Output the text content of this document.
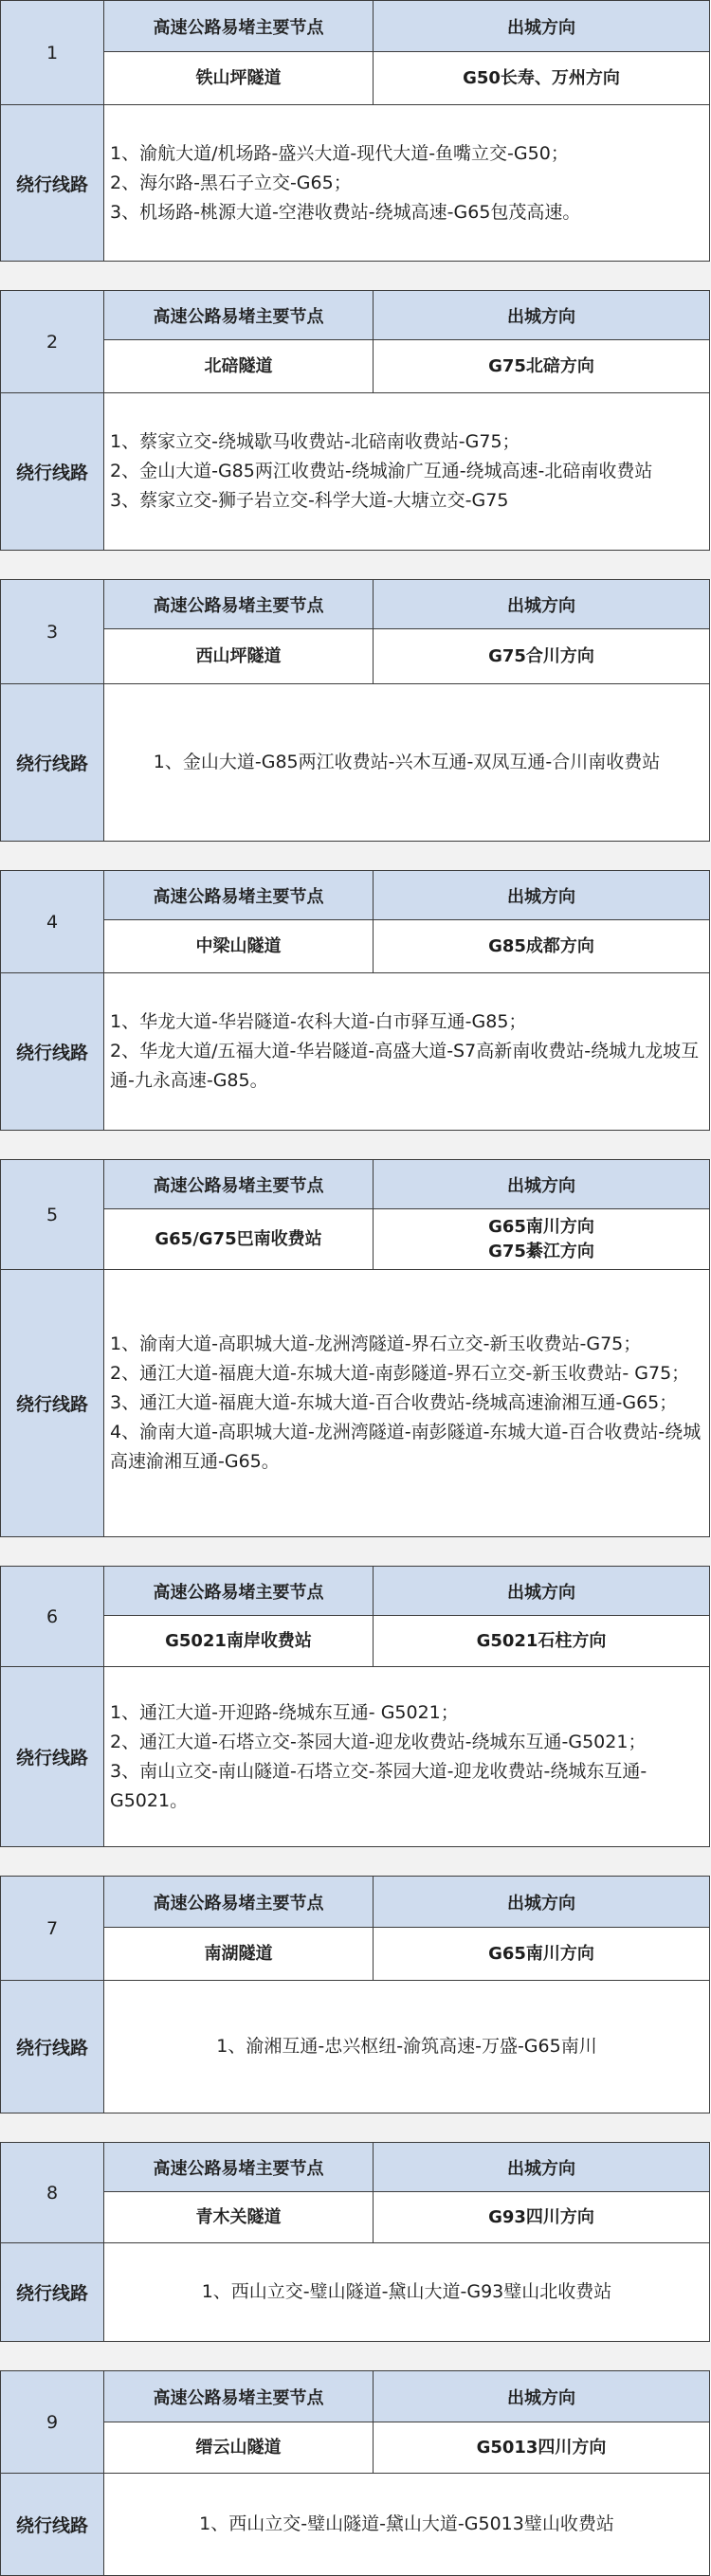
1	高速公路易堵主要节点	出城方向
	铁山坪隧道	G50长寿、万州方向

绕行线路	1、渝航大道/机场路-盛兴大道-现代大道-鱼嘴立交-G50；
2、海尔路-黑石子立交-G65；
3、机场路-桃源大道-空港收费站-绕城高速-G65包茂高速。	
2	高速公路易堵主要节点	出城方向
	北碚隧道	G75北碚方向

绕行线路	1、蔡家立交-绕城歇马收费站-北碚南收费站-G75；
2、金山大道-G85两江收费站-绕城渝广互通-绕城高速-北碚南收费站
3、蔡家立交-狮子岩立交-科学大道-大塘立交-G75	
3	高速公路易堵主要节点	出城方向
	西山坪隧道	G75合川方向

绕行线路	1、金山大道-G85两江收费站-兴木互通-双凤互通-合川南收费站	
4	高速公路易堵主要节点	出城方向
	中梁山隧道	G85成都方向

绕行线路	1、华龙大道-华岩隧道-农科大道-白市驿互通-G85；
2、华龙大道/五福大道-华岩隧道-高盛大道-S7高新南收费站-绕城九龙坡互通-九永高速-G85。	
5	高速公路易堵主要节点	出城方向
	G65/G75巴南收费站	G65南川方向
G75綦江方向

绕行线路	1、渝南大道-高职城大道-龙洲湾隧道-界石立交-新玉收费站-G75；
2、通江大道-福鹿大道-东城大道-南彭隧道-界石立交-新玉收费站- G75；
3、通江大道-福鹿大道-东城大道-百合收费站-绕城高速渝湘互通-G65；
4、渝南大道-高职城大道-龙洲湾隧道-南彭隧道-东城大道-百合收费站-绕城高速渝湘互通-G65。	
6	高速公路易堵主要节点	出城方向
	G5021南岸收费站	G5021石柱方向

绕行线路	1、通江大道-开迎路-绕城东互通- G5021；
2、通江大道-石塔立交-茶园大道-迎龙收费站-绕城东互通-G5021；
3、南山立交-南山隧道-石塔立交-茶园大道-迎龙收费站-绕城东互通-G5021。	
7	高速公路易堵主要节点	出城方向
	南湖隧道	G65南川方向

绕行线路	1、渝湘互通-忠兴枢纽-渝筑高速-万盛-G65南川	
8	高速公路易堵主要节点	出城方向
	青木关隧道	G93四川方向

绕行线路	1、西山立交-璧山隧道-黛山大道-G93璧山北收费站	
9	高速公路易堵主要节点	出城方向
	缙云山隧道	G5013四川方向

绕行线路	1、西山立交-璧山隧道-黛山大道-G5013璧山收费站	
